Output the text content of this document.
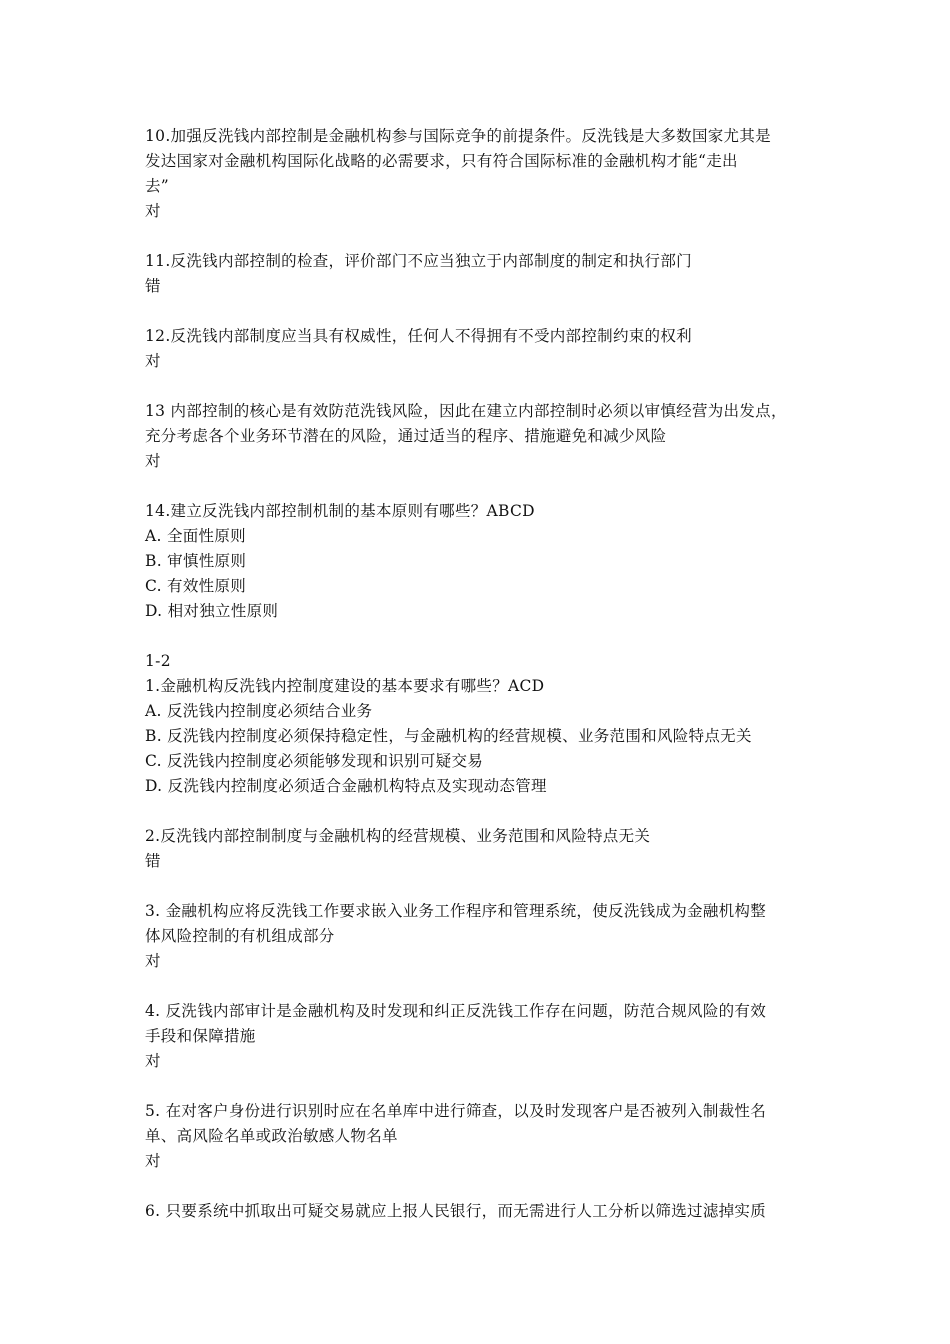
10.加强反洗钱内部控制是金融机构参与国际竞争的前提条件。反洗钱是大多数国家尤其是
发达国家对金融机构国际化战略的必需要求，只有符合国际标准的金融机构才能“走出
去”
对
11.反洗钱内部控制的检查，评价部门不应当独立于内部制度的制定和执行部门
错
12.反洗钱内部制度应当具有权威性，任何人不得拥有不受内部控制约束的权利
对
13 内部控制的核心是有效防范洗钱风险，因此在建立内部控制时必须以审慎经营为出发点，
充分考虑各个业务环节潜在的风险，通过适当的程序、措施避免和减少风险
对
14.建立反洗钱内部控制机制的基本原则有哪些？ABCD
A. 全面性原则
B. 审慎性原则
C. 有效性原则
D. 相对独立性原则
1-2
1.金融机构反洗钱内控制度建设的基本要求有哪些？ACD
A. 反洗钱内控制度必须结合业务
B. 反洗钱内控制度必须保持稳定性，与金融机构的经营规模、业务范围和风险特点无关
C. 反洗钱内控制度必须能够发现和识别可疑交易
D. 反洗钱内控制度必须适合金融机构特点及实现动态管理
2.反洗钱内部控制制度与金融机构的经营规模、业务范围和风险特点无关
错
3. 金融机构应将反洗钱工作要求嵌入业务工作程序和管理系统，使反洗钱成为金融机构整
体风险控制的有机组成部分
对
4. 反洗钱内部审计是金融机构及时发现和纠正反洗钱工作存在问题，防范合规风险的有效
手段和保障措施
对
5. 在对客户身份进行识别时应在名单库中进行筛查，以及时发现客户是否被列入制裁性名
单、高风险名单或政治敏感人物名单
对
6. 只要系统中抓取出可疑交易就应上报人民银行，而无需进行人工分析以筛选过滤掉实质
